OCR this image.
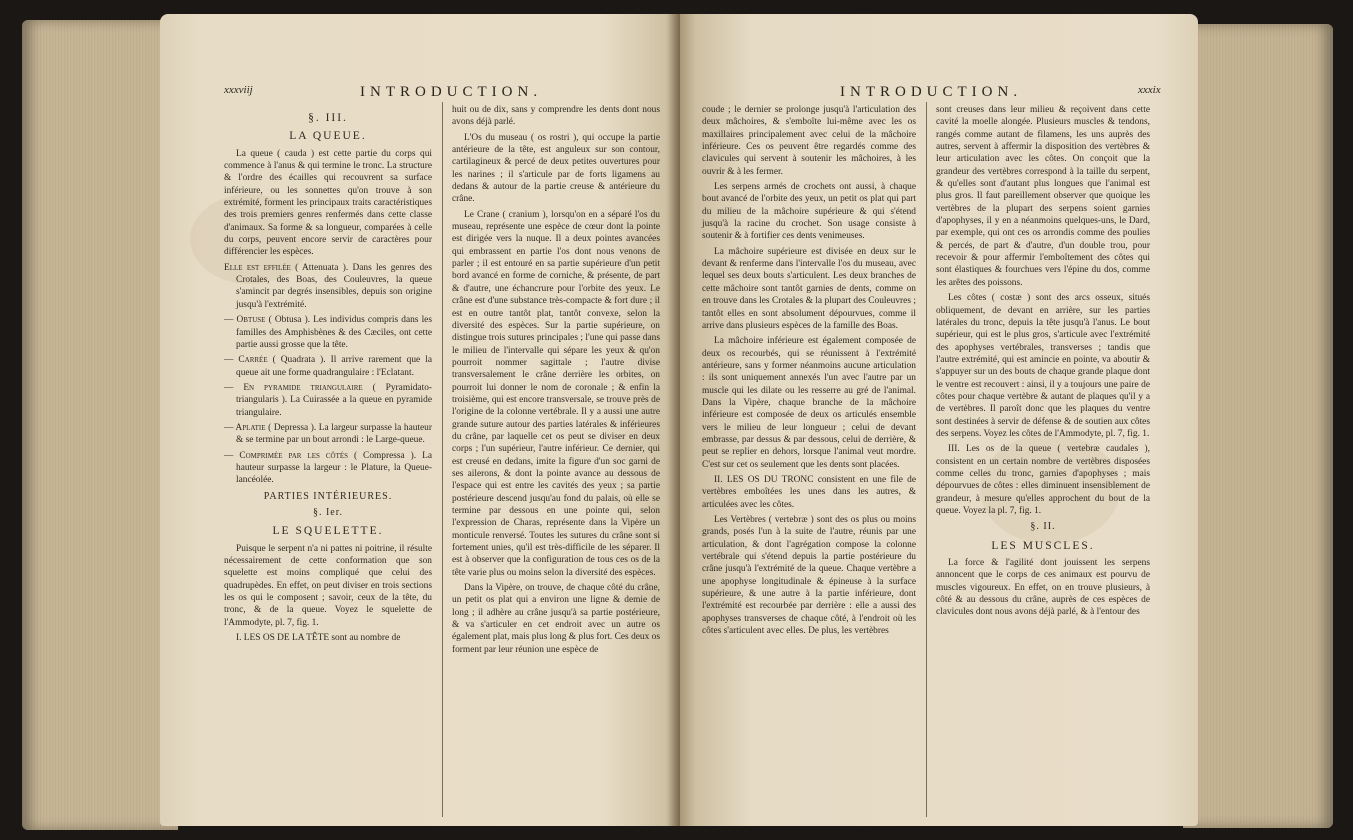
xxxviij	INTRODUCTION.

§. III.

LA QUEUE.

La queue ( cauda ) est cette partie du corps qui commence à l'anus & qui termine le tronc. La structure & l'ordre des écailles qui recouvrent sa surface inférieure, ou les sonnettes qu'on trouve à son extrémité, forment les principaux traits caractéristiques des trois premiers genres renfermés dans cette classe d'animaux. Sa forme & sa longueur, comparées à celle du corps, peuvent encore servir de caractères pour différencier les espèces.

Elle est effilée ( Attenuata ). Dans les genres des Crotales, des Boas, des Couleuvres, la queue s'amincit par degrés insensibles, depuis son origine jusqu'à l'extrémité.

— Obtuse ( Obtusa ). Les individus compris dans les familles des Amphisbènes & des Cæciles, ont cette partie aussi grosse que la tête.

— Carrée ( Quadrata ). Il arrive rarement que la queue ait une forme quadrangulaire : l'Eclatant.

— En pyramide triangulaire ( Pyramidato-triangularis ). La Cuirassée a la queue en pyramide triangulaire.

— Aplatie ( Depressa ). La largeur surpasse la hauteur & se termine par un bout arrondi : le Large-queue.

— Comprimée par les côtés ( Compressa ). La hauteur surpasse la largeur : le Plature, la Queue-lancéolée.

PARTIES INTÉRIEURES.

§. Ier.

LE SQUELETTE.

Puisque le serpent n'a ni pattes ni poitrine, il résulte nécessairement de cette conformation que son squelette est moins compliqué que celui des quadrupèdes. En effet, on peut diviser en trois sections les os qui le composent ; savoir, ceux de la tête, du tronc, & de la queue. Voyez le squelette de l'Ammodyte, pl. 7, fig. 1.

I. LES OS DE LA TÊTE sont au nombre de

huit ou de dix, sans y comprendre les dents dont nous avons déjà parlé.

L'Os du museau ( os rostri ), qui occupe la partie antérieure de la tête, est anguleux sur son contour, cartilagineux & percé de deux petites ouvertures pour les narines ; il s'articule par de forts ligamens au dedans & autour de la partie creuse & antérieure du crâne.

Le Crane ( cranium ), lorsqu'on en a séparé l'os du museau, représente une espèce de cœur dont la pointe est dirigée vers la nuque. Il a deux pointes avancées qui embrassent en partie l'os dont nous venons de parler ; il est entouré en sa partie supérieure d'un petit bord avancé en forme de corniche, & présente, de part & d'autre, une échancrure pour l'orbite des yeux. Le crâne est d'une substance très-compacte & fort dure ; il est en outre tantôt plat, tantôt convexe, selon la diversité des espèces. Sur la partie supérieure, on distingue trois sutures principales ; l'une qui passe dans le milieu de l'intervalle qui sépare les yeux & qu'on pourroit nommer sagittale ; l'autre divise transversalement le crâne derrière les orbites, on pourroit lui donner le nom de coronale ; & enfin la troisième, qui est encore transversale, se trouve près de l'origine de la colonne vertébrale. Il y a aussi une autre grande suture autour des parties latérales & inférieures du crâne, par laquelle cet os peut se diviser en deux corps ; l'un supérieur, l'autre inférieur. Ce dernier, qui est creusé en dedans, imite la figure d'un soc garni de ses ailerons, & dont la pointe avance au dessous de l'espace qui est entre les cavités des yeux ; sa partie postérieure descend jusqu'au fond du palais, où elle se termine par dessous en une pointe qui, selon l'expression de Charas, représente dans la Vipère un monticule renversé. Toutes les sutures du crâne sont si fortement unies, qu'il est très-difficile de les séparer. Il est à observer que la configuration de tous ces os de la tête varie plus ou moins selon la diversité des espèces.

Dans la Vipère, on trouve, de chaque côté du crâne, un petit os plat qui a environ une ligne & demie de long ; il adhère au crâne jusqu'à sa partie postérieure, & va s'articuler en cet endroit avec un autre os également plat, mais plus long & plus fort. Ces deux os forment par leur réunion une espèce de

INTRODUCTION.	xxxix

coude ; le dernier se prolonge jusqu'à l'articulation des deux mâchoires, & s'emboîte lui-même avec les os maxillaires principalement avec celui de la mâchoire inférieure. Ces os peuvent être regardés comme des clavicules qui servent à soutenir les mâchoires, à les ouvrir & à les fermer.

Les serpens armés de crochets ont aussi, à chaque bout avancé de l'orbite des yeux, un petit os plat qui part du milieu de la mâchoire supérieure & qui s'étend jusqu'à la racine du crochet. Son usage consiste à soutenir & à fortifier ces dents venimeuses.

La mâchoire supérieure est divisée en deux sur le devant & renferme dans l'intervalle l'os du museau, avec lequel ses deux bouts s'articulent. Les deux branches de cette mâchoire sont tantôt garnies de dents, comme on en trouve dans les Crotales & la plupart des Couleuvres ; tantôt elles en sont absolument dépourvues, comme il arrive dans plusieurs espèces de la famille des Boas.

La mâchoire inférieure est également composée de deux os recourbés, qui se réunissent à l'extrémité antérieure, sans y former néanmoins aucune articulation : ils sont uniquement annexés l'un avec l'autre par un muscle qui les dilate ou les resserre au gré de l'animal. Dans la Vipère, chaque branche de la mâchoire inférieure est composée de deux os articulés ensemble vers le milieu de leur longueur ; celui de devant embrasse, par dessus & par dessous, celui de derrière, & peut se replier en dehors, lorsque l'animal veut mordre. C'est sur cet os seulement que les dents sont placées.

II. LES OS DU TRONC consistent en une file de vertèbres emboîtées les unes dans les autres, & articulées avec les côtes.

Les Vertèbres ( vertebræ ) sont des os plus ou moins grands, posés l'un à la suite de l'autre, réunis par une articulation, & dont l'agrégation compose la colonne vertébrale qui s'étend depuis la partie postérieure du crâne jusqu'à l'extrémité de la queue. Chaque vertèbre a une apophyse longitudinale & épineuse à la surface supérieure, & une autre à la partie inférieure, dont l'extrémité est recourbée par derrière : elle a aussi des apophyses transverses de chaque côté, à l'endroit où les côtes s'articulent avec elles. De plus, les vertèbres

sont creuses dans leur milieu & reçoivent dans cette cavité la moelle alongée. Plusieurs muscles & tendons, rangés comme autant de filamens, les uns auprès des autres, servent à affermir la disposition des vertèbres & leur articulation avec les côtes. On conçoit que la grandeur des vertèbres correspond à la taille du serpent, & qu'elles sont d'autant plus longues que l'animal est plus gros. Il faut pareillement observer que quoique les vertèbres de la plupart des serpens soient garnies d'apophyses, il y en a néanmoins quelques-uns, le Dard, par exemple, qui ont ces os arrondis comme des poulies & percés, de part & d'autre, d'un double trou, pour recevoir & pour affermir l'emboîtement des côtes qui sont élastiques & fourchues vers l'épine du dos, comme les arêtes des poissons.

Les côtes ( costæ ) sont des arcs osseux, situés obliquement, de devant en arrière, sur les parties latérales du tronc, depuis la tête jusqu'à l'anus. Le bout supérieur, qui est le plus gros, s'articule avec l'extrémité des apophyses vertébrales, transverses ; tandis que l'autre extrémité, qui est amincie en pointe, va aboutir & s'appuyer sur un des bouts de chaque grande plaque dont le ventre est recouvert : ainsi, il y a toujours une paire de côtes pour chaque vertèbre & autant de plaques qu'il y a de vertèbres. Il paroît donc que les plaques du ventre sont destinées à servir de défense & de soutien aux côtes des serpens. Voyez les côtes de l'Ammodyte, pl. 7, fig. 1.

III. Les os de la queue ( vertebræ caudales ), consistent en un certain nombre de vertèbres disposées comme celles du tronc, garnies d'apophyses ; mais dépourvues de côtes : elles diminuent insensiblement de grandeur, à mesure qu'elles approchent du bout de la queue. Voyez la pl. 7, fig. 1.

§. II.

LES MUSCLES.

La force & l'agilité dont jouissent les serpens annoncent que le corps de ces animaux est pourvu de muscles vigoureux. En effet, on en trouve plusieurs, à côté & au dessous du crâne, auprès de ces espèces de clavicules dont nous avons déjà parlé, & à l'entour des
